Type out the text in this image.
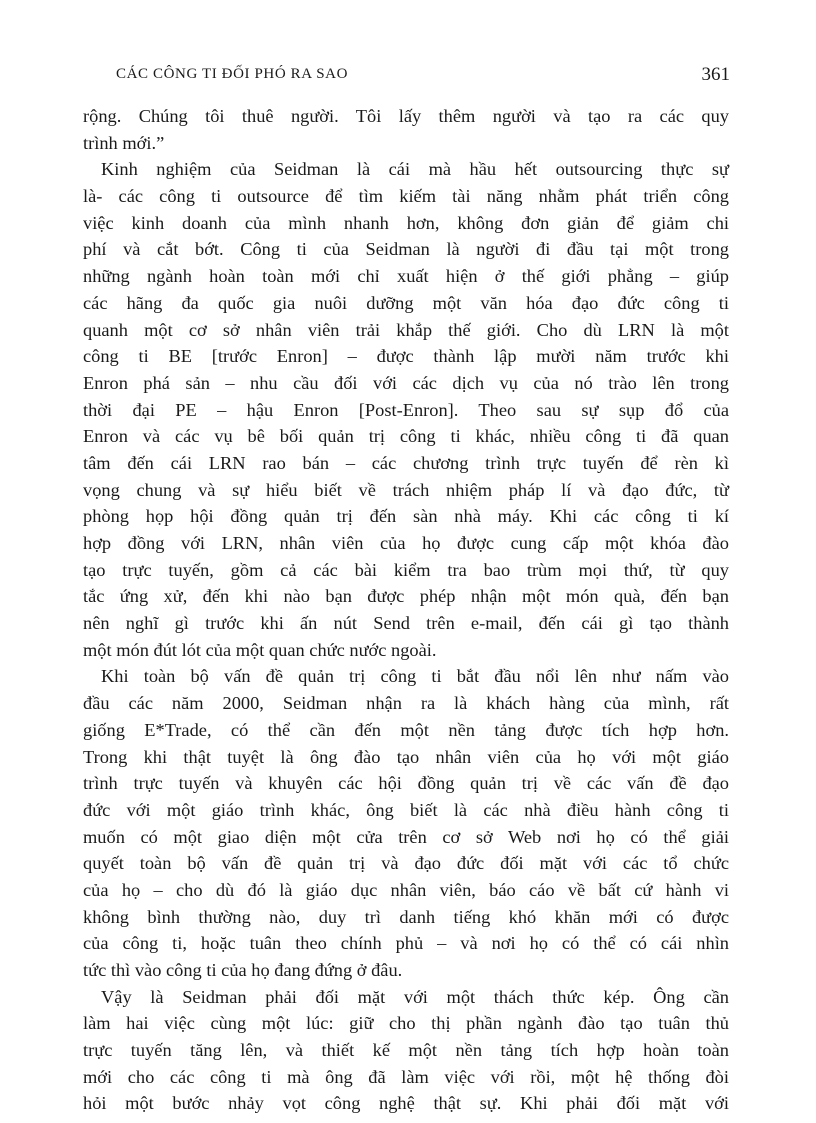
CÁC CÔNG TI ĐỐI PHÓ RA SAO	361
rộng. Chúng tôi thuê người. Tôi lấy thêm người và tạo ra các quy
trình mới.”
Kinh nghiệm của Seidman là cái mà hầu hết outsourcing thực sự
là- các công ti outsource để tìm kiếm tài năng nhằm phát triển công
việc kinh doanh của mình nhanh hơn, không đơn giản để giảm chi
phí và cắt bớt. Công ti của Seidman là người đi đầu tại một trong
những ngành hoàn toàn mới chỉ xuất hiện ở thế giới phẳng – giúp
các hãng đa quốc gia nuôi dưỡng một văn hóa đạo đức công ti
quanh một cơ sở nhân viên trải khắp thế giới. Cho dù LRN là một
công ti BE [trước Enron] – được thành lập mười năm trước khi
Enron phá sản – nhu cầu đối với các dịch vụ của nó trào lên trong
thời đại PE – hậu Enron [Post-Enron]. Theo sau sự sụp đổ của
Enron và các vụ bê bối quản trị công ti khác, nhiều công ti đã quan
tâm đến cái LRN rao bán – các chương trình trực tuyến để rèn kì
vọng chung và sự hiểu biết về trách nhiệm pháp lí và đạo đức, từ
phòng họp hội đồng quản trị đến sàn nhà máy. Khi các công ti kí
hợp đồng với LRN, nhân viên của họ được cung cấp một khóa đào
tạo trực tuyến, gồm cả các bài kiểm tra bao trùm mọi thứ, từ quy
tắc ứng xử, đến khi nào bạn được phép nhận một món quà, đến bạn
nên nghĩ gì trước khi ấn nút Send trên e-mail, đến cái gì tạo thành
một món đút lót của một quan chức nước ngoài.
Khi toàn bộ vấn đề quản trị công ti bắt đầu nổi lên như nấm vào
đầu các năm 2000, Seidman nhận ra là khách hàng của mình, rất
giống E*Trade, có thể cần đến một nền tảng được tích hợp hơn.
Trong khi thật tuyệt là ông đào tạo nhân viên của họ với một giáo
trình trực tuyến và khuyên các hội đồng quản trị về các vấn đề đạo
đức với một giáo trình khác, ông biết là các nhà điều hành công ti
muốn có một giao diện một cửa trên cơ sở Web nơi họ có thể giải
quyết toàn bộ vấn đề quản trị và đạo đức đối mặt với các tổ chức
của họ – cho dù đó là giáo dục nhân viên, báo cáo về bất cứ hành vi
không bình thường nào, duy trì danh tiếng khó khăn mới có được
của công ti, hoặc tuân theo chính phủ – và nơi họ có thể có cái nhìn
tức thì vào công ti của họ đang đứng ở đâu.
Vậy là Seidman phải đối mặt với một thách thức kép. Ông cần
làm hai việc cùng một lúc: giữ cho thị phần ngành đào tạo tuân thủ
trực tuyến tăng lên, và thiết kế một nền tảng tích hợp hoàn toàn
mới cho các công ti mà ông đã làm việc với rồi, một hệ thống đòi
hỏi một bước nhảy vọt công nghệ thật sự. Khi phải đối mặt với
